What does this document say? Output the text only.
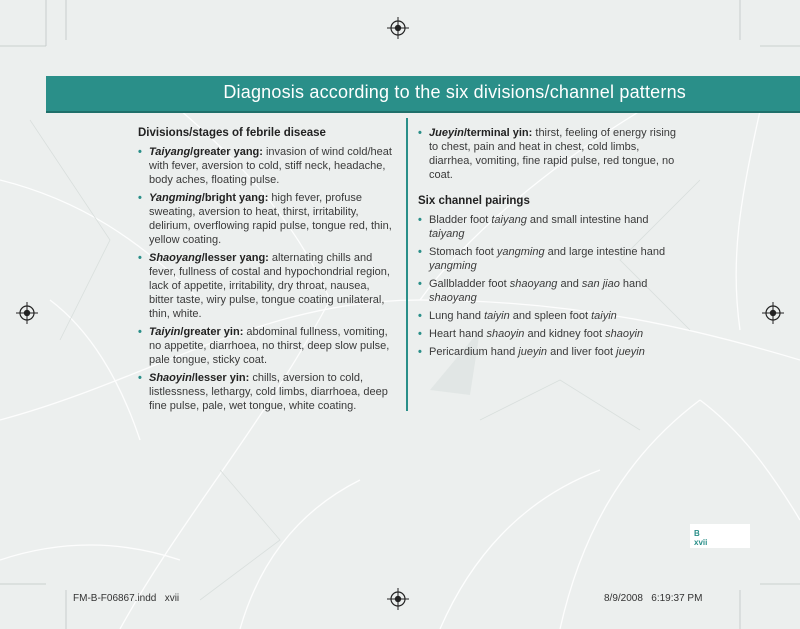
Diagnosis according to the six divisions/channel patterns
Divisions/stages of febrile disease
• Taiyang/greater yang: invasion of wind cold/heat with fever, aversion to cold, stiff neck, headache, body aches, floating pulse.
• Yangming/bright yang: high fever, profuse sweating, aversion to heat, thirst, irritability, delirium, overflowing rapid pulse, tongue red, thin, yellow coating.
• Shaoyang/lesser yang: alternating chills and fever, fullness of costal and hypochondrial region, lack of appetite, irritability, dry throat, nausea, bitter taste, wiry pulse, tongue coating unilateral, thin, white.
• Taiyin/greater yin: abdominal fullness, vomiting, no appetite, diarrhoea, no thirst, deep slow pulse, pale tongue, sticky coat.
• Shaoyin/lesser yin: chills, aversion to cold, listlessness, lethargy, cold limbs, diarrhoea, deep fine pulse, pale, wet tongue, white coating.
• Jueyin/terminal yin: thirst, feeling of energy rising to chest, pain and heat in chest, cold limbs, diarrhea, vomiting, fine rapid pulse, red tongue, no coat.
Six channel pairings
• Bladder foot taiyang and small intestine hand taiyang
• Stomach foot yangming and large intestine hand yangming
• Gallbladder foot shaoyang and san jiao hand shaoyang
• Lung hand taiyin and spleen foot taiyin
• Heart hand shaoyin and kidney foot shaoyin
• Pericardium hand jueyin and liver foot jueyin
B
xvii
FM-B-F06867.indd   xvii	8/9/2008   6:19:37 PM
